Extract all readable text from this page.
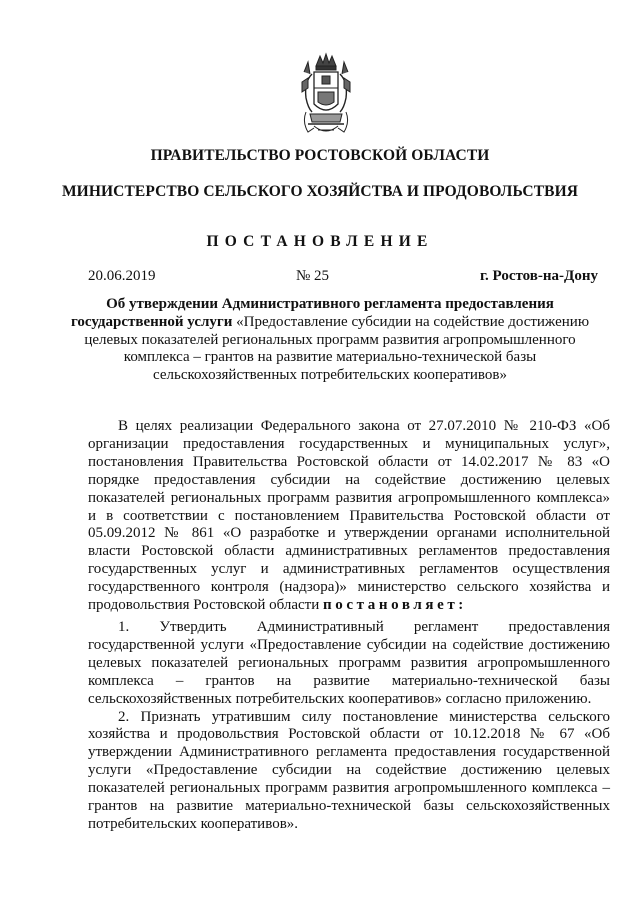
ПРАВИТЕЛЬСТВО РОСТОВСКОЙ ОБЛАСТИ
МИНИСТЕРСТВО СЕЛЬСКОГО ХОЗЯЙСТВА И ПРОДОВОЛЬСТВИЯ
ПОСТАНОВЛЕНИЕ
20.06.2019	№ 25	г. Ростов-на-Дону
Об утверждении Административного регламента предоставления государственной услуги «Предоставление субсидии на содействие достижению целевых показателей региональных программ развития агропромышленного комплекса – грантов на развитие материально-технической базы сельскохозяйственных потребительских кооперативов»

В целях реализации Федерального закона от 27.07.2010 № 210-ФЗ «Об организации предоставления государственных и муниципальных услуг», постановления Правительства Ростовской области от 14.02.2017 № 83 «О порядке предоставления субсидии на содействие достижению целевых показателей региональных программ развития агропромышленного комплекса» и в соответствии с постановлением Правительства Ростовской области от 05.09.2012 № 861 «О разработке и утверждении органами исполнительной власти Ростовской области административных регламентов предоставления государственных услуг и административных регламентов осуществления государственного контроля (надзора)» министерство сельского хозяйства и продовольствия Ростовской области постановляет:

1. Утвердить Административный регламент предоставления государственной услуги «Предоставление субсидии на содействие достижению целевых показателей региональных программ развития агропромышленного комплекса – грантов на развитие материально-технической базы сельскохозяйственных потребительских кооперативов» согласно приложению.

2. Признать утратившим силу постановление министерства сельского хозяйства и продовольствия Ростовской области от 10.12.2018 № 67 «Об утверждении Административного регламента предоставления государственной услуги «Предоставление субсидии на содействие достижению целевых показателей региональных программ развития агропромышленного комплекса – грантов на развитие материально-технической базы сельскохозяйственных потребительских кооперативов».
